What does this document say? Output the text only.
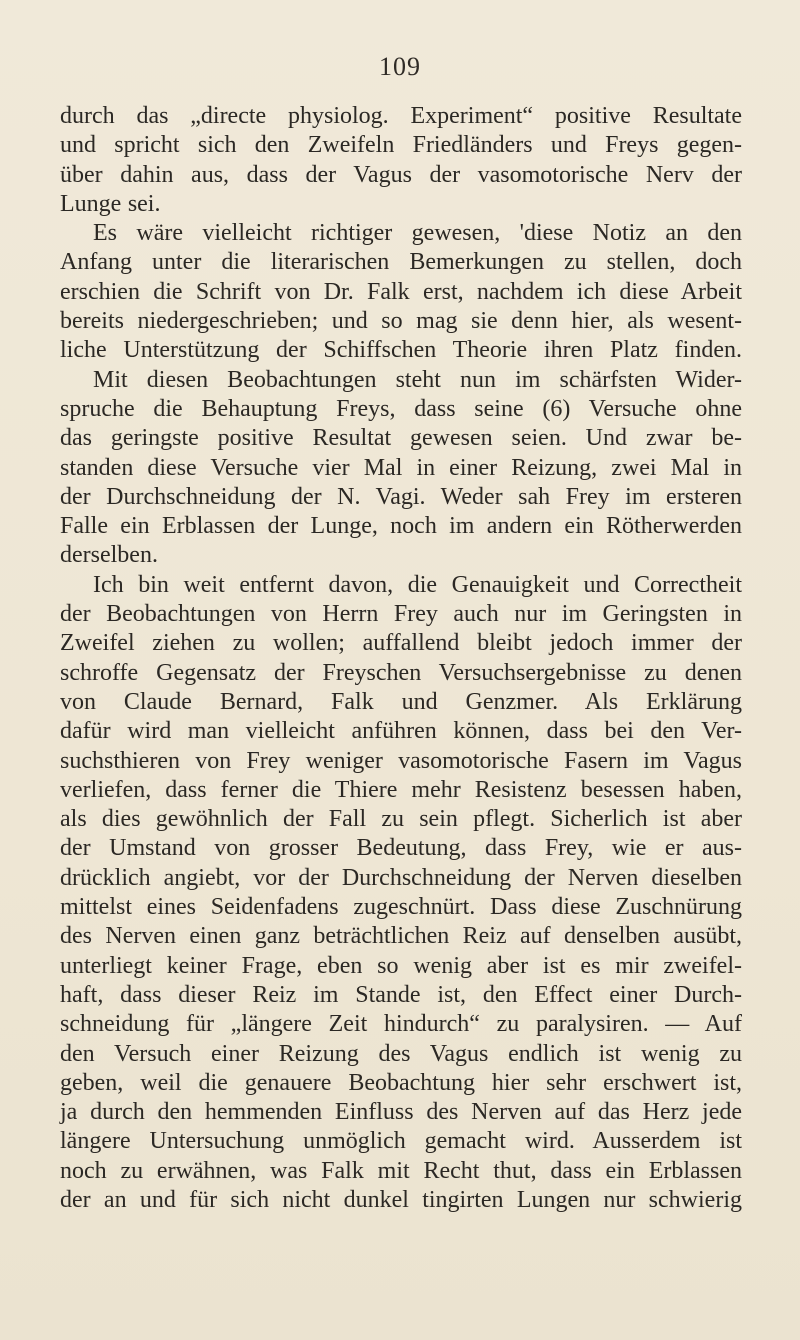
109
durch das „directe physiolog. Experiment“ positive Resultate
und spricht sich den Zweifeln Friedländers und Freys gegen-
über dahin aus, dass der Vagus der vasomotorische Nerv der
Lunge sei.
Es wäre vielleicht richtiger gewesen, 'diese Notiz an den
Anfang unter die literarischen Bemerkungen zu stellen, doch
erschien die Schrift von Dr. Falk erst, nachdem ich diese Arbeit
bereits niedergeschrieben; und so mag sie denn hier, als wesent-
liche Unterstützung der Schiffschen Theorie ihren Platz finden.
Mit diesen Beobachtungen steht nun im schärfsten Wider-
spruche die Behauptung Freys, dass seine (6) Versuche ohne
das geringste positive Resultat gewesen seien. Und zwar be-
standen diese Versuche vier Mal in einer Reizung, zwei Mal in
der Durchschneidung der N. Vagi. Weder sah Frey im ersteren
Falle ein Erblassen der Lunge, noch im andern ein Rötherwerden
derselben.
Ich bin weit entfernt davon, die Genauigkeit und Correctheit
der Beobachtungen von Herrn Frey auch nur im Geringsten in
Zweifel ziehen zu wollen; auffallend bleibt jedoch immer der
schroffe Gegensatz der Freyschen Versuchsergebnisse zu denen
von Claude Bernard, Falk und Genzmer. Als Erklärung
dafür wird man vielleicht anführen können, dass bei den Ver-
suchsthieren von Frey weniger vasomotorische Fasern im Vagus
verliefen, dass ferner die Thiere mehr Resistenz besessen haben,
als dies gewöhnlich der Fall zu sein pflegt. Sicherlich ist aber
der Umstand von grosser Bedeutung, dass Frey, wie er aus-
drücklich angiebt, vor der Durchschneidung der Nerven dieselben
mittelst eines Seidenfadens zugeschnürt. Dass diese Zuschnürung
des Nerven einen ganz beträchtlichen Reiz auf denselben ausübt,
unterliegt keiner Frage, eben so wenig aber ist es mir zweifel-
haft, dass dieser Reiz im Stande ist, den Effect einer Durch-
schneidung für „längere Zeit hindurch“ zu paralysiren. — Auf
den Versuch einer Reizung des Vagus endlich ist wenig zu
geben, weil die genauere Beobachtung hier sehr erschwert ist,
ja durch den hemmenden Einfluss des Nerven auf das Herz jede
längere Untersuchung unmöglich gemacht wird. Ausserdem ist
noch zu erwähnen, was Falk mit Recht thut, dass ein Erblassen
der an und für sich nicht dunkel tingirten Lungen nur schwierig
